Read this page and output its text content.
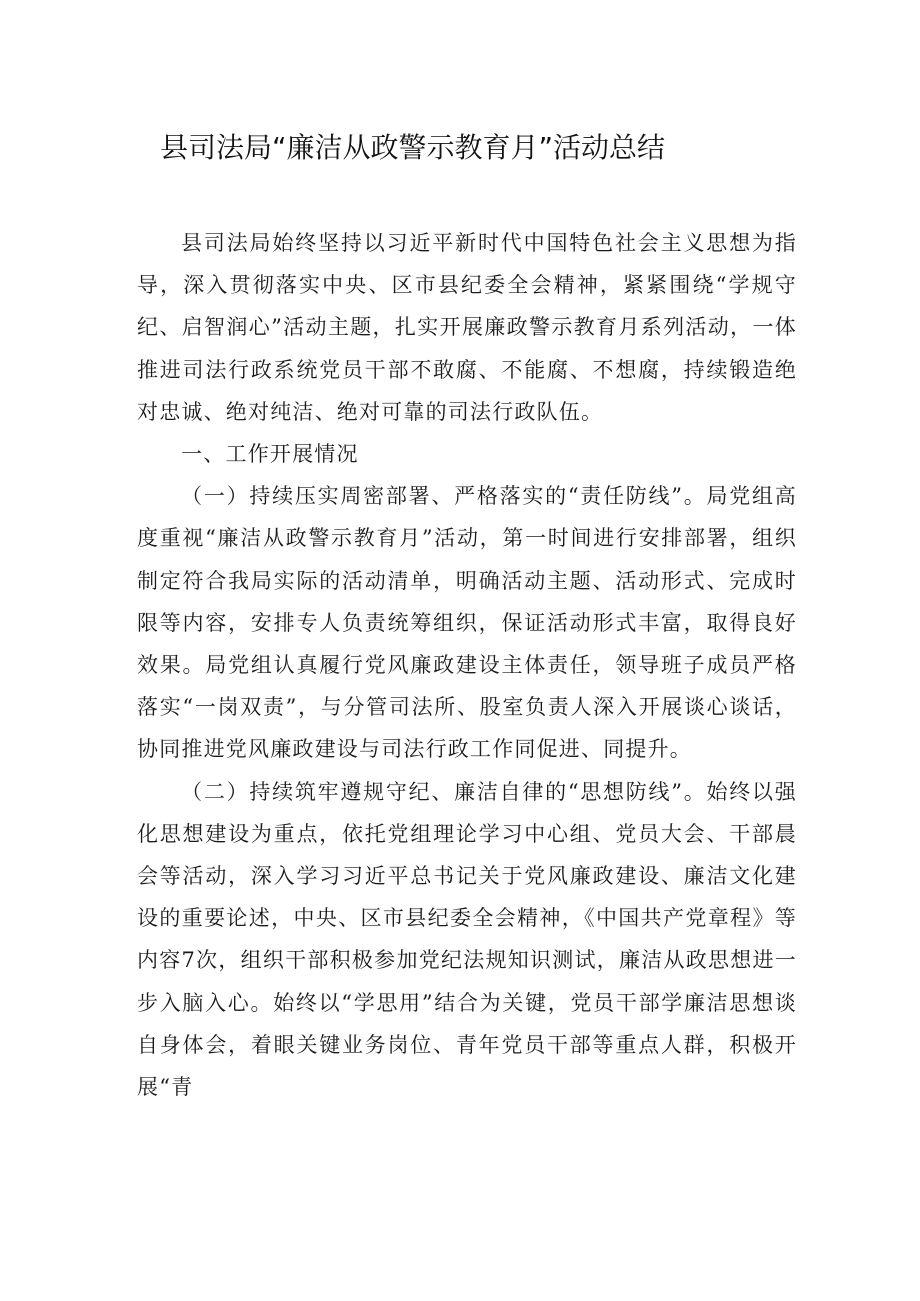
县司法局“廉洁从政警示教育月”活动总结

县司法局始终坚持以习近平新时代中国特色社会主义思想为指导，深入贯彻落实中央、区市县纪委全会精神，紧紧围绕“学规守纪、启智润心”活动主题，扎实开展廉政警示教育月系列活动，一体推进司法行政系统党员干部不敢腐、不能腐、不想腐，持续锻造绝对忠诚、绝对纯洁、绝对可靠的司法行政队伍。

一、工作开展情况

（一）持续压实周密部署、严格落实的“责任防线”。局党组高度重视“廉洁从政警示教育月”活动，第一时间进行安排部署，组织制定符合我局实际的活动清单，明确活动主题、活动形式、完成时限等内容，安排专人负责统筹组织，保证活动形式丰富，取得良好效果。局党组认真履行党风廉政建设主体责任，领导班子成员严格落实“一岗双责”，与分管司法所、股室负责人深入开展谈心谈话，协同推进党风廉政建设与司法行政工作同促进、同提升。

（二）持续筑牢遵规守纪、廉洁自律的“思想防线”。始终以强化思想建设为重点，依托党组理论学习中心组、党员大会、干部晨会等活动，深入学习习近平总书记关于党风廉政建设、廉洁文化建设的重要论述，中央、区市县纪委全会精神，《中国共产党章程》等内容7次，组织干部积极参加党纪法规知识测试，廉洁从政思想进一步入脑入心。始终以“学思用”结合为关键，党员干部学廉洁思想谈自身体会，着眼关键业务岗位、青年党员干部等重点人群，积极开展“青
